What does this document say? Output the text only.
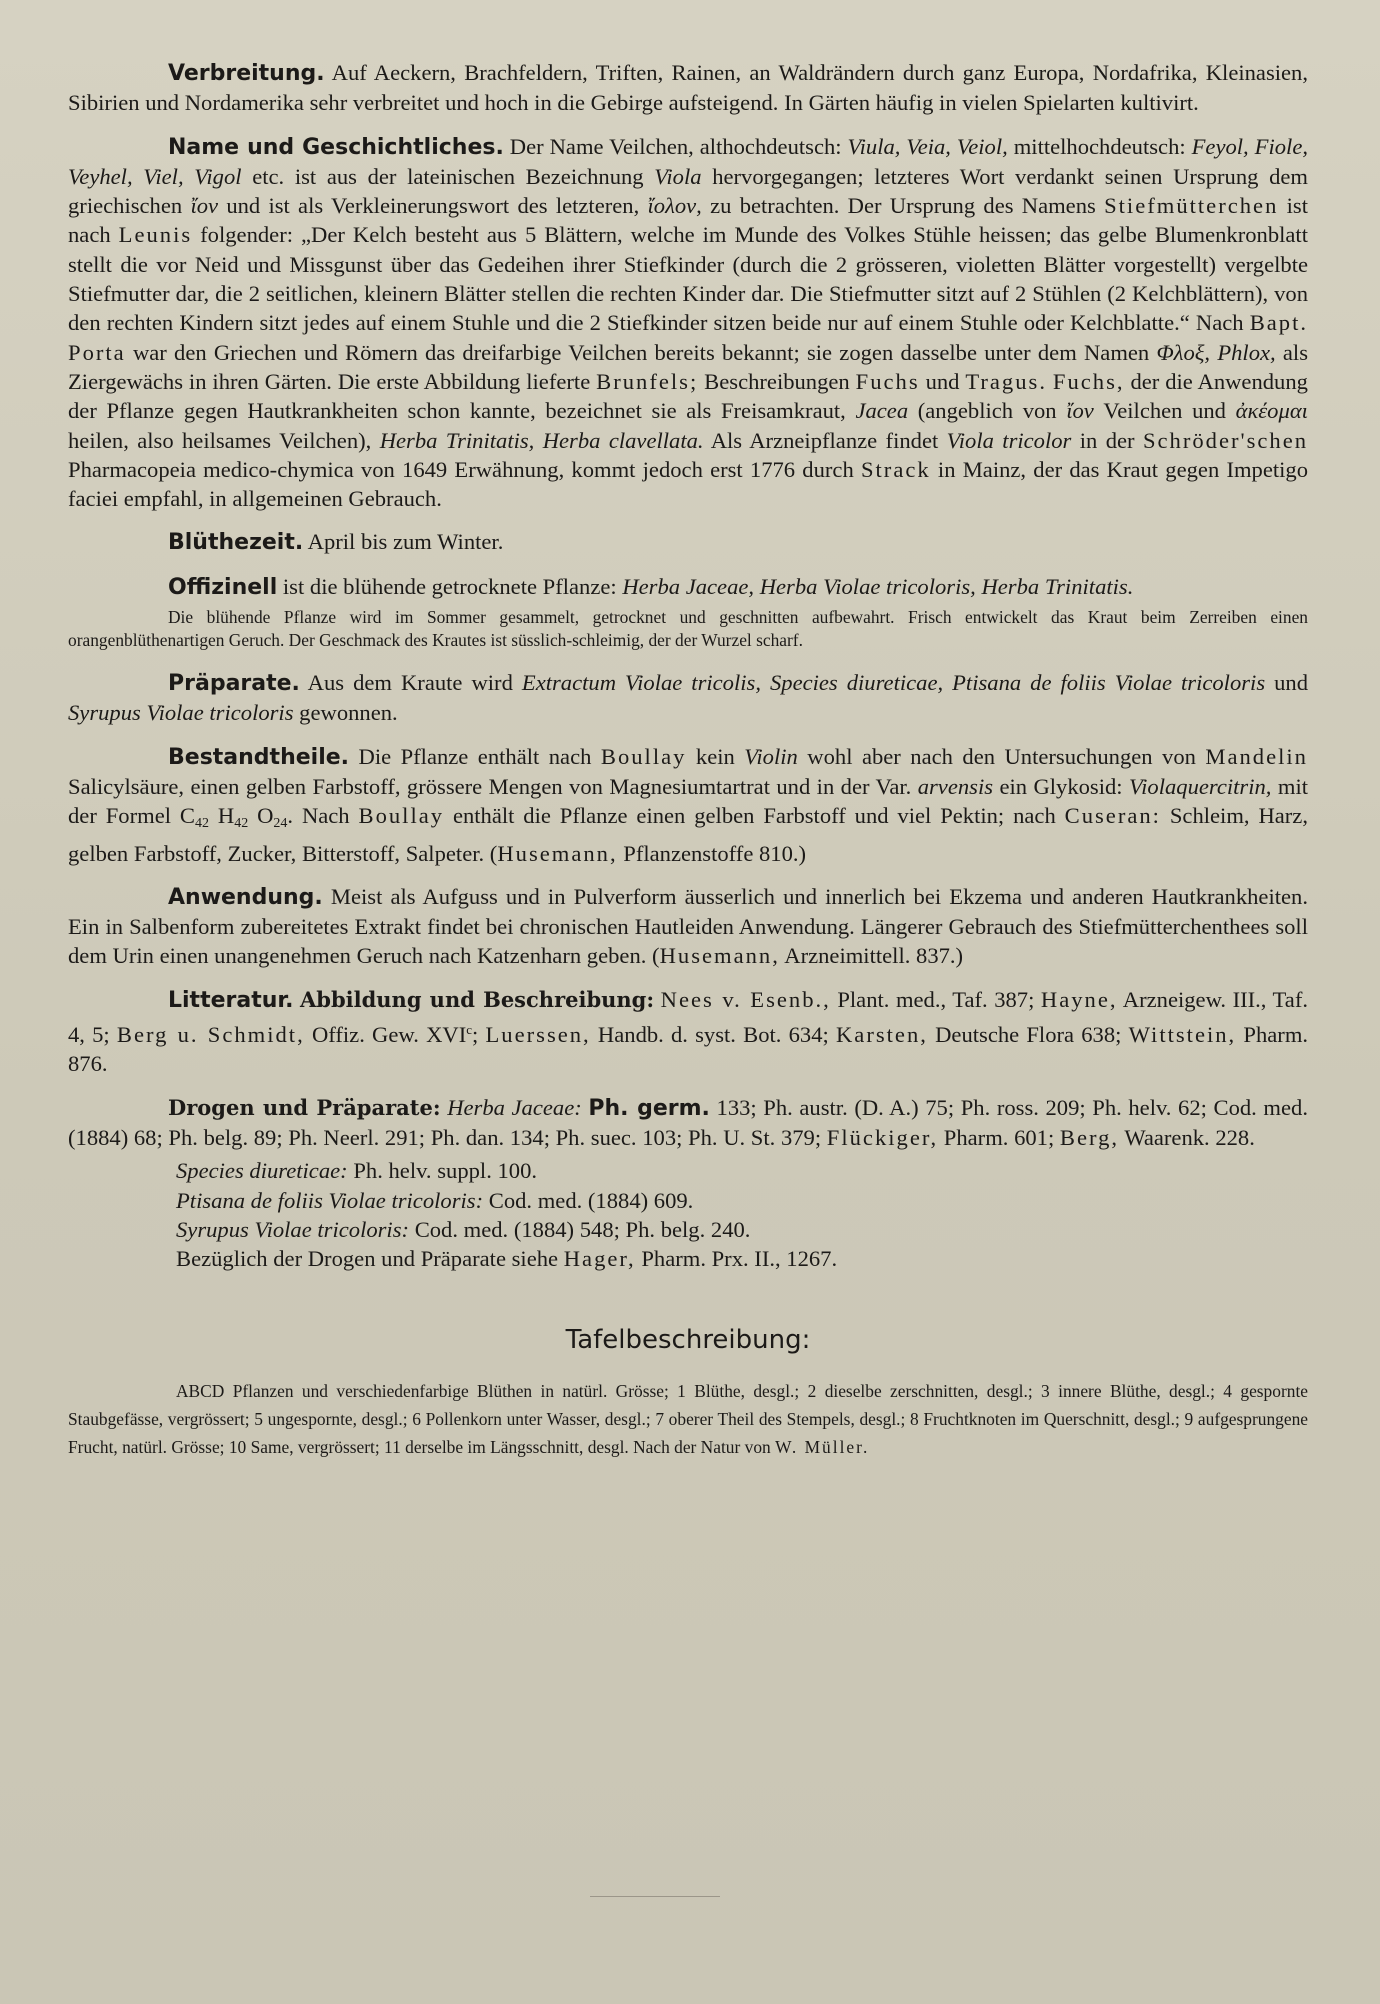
Verbreitung. Auf Aeckern, Brachfeldern, Triften, Rainen, an Waldrändern durch ganz Europa, Nordafrika, Kleinasien, Sibirien und Nordamerika sehr verbreitet und hoch in die Gebirge aufsteigend. In Gärten häufig in vielen Spielarten kultivirt.

Name und Geschichtliches. Der Name Veilchen, althochdeutsch: Viula, Veia, Veiol, mittelhochdeutsch: Feyol, Fiole, Veyhel, Viel, Vigol etc. ist aus der lateinischen Bezeichnung Viola hervorgegangen; letzteres Wort verdankt seinen Ursprung dem griechischen ἴον und ist als Verkleinerungswort des letzteren, ἴολον, zu betrachten. Der Ursprung des Namens Stiefmütterchen ist nach Leunis folgender: „Der Kelch besteht aus 5 Blättern, welche im Munde des Volkes Stühle heissen; das gelbe Blumenkronblatt stellt die vor Neid und Missgunst über das Gedeihen ihrer Stiefkinder (durch die 2 grösseren, violetten Blätter vorgestellt) vergelbte Stiefmutter dar, die 2 seitlichen, kleinern Blätter stellen die rechten Kinder dar. Die Stiefmutter sitzt auf 2 Stühlen (2 Kelchblättern), von den rechten Kindern sitzt jedes auf einem Stuhle und die 2 Stiefkinder sitzen beide nur auf einem Stuhle oder Kelchblatte.“ Nach Bapt. Porta war den Griechen und Römern das dreifarbige Veilchen bereits bekannt; sie zogen dasselbe unter dem Namen Φλοξ, Phlox, als Ziergewächs in ihren Gärten. Die erste Abbildung lieferte Brunfels; Beschreibungen Fuchs und Tragus. Fuchs, der die Anwendung der Pflanze gegen Hautkrankheiten schon kannte, bezeichnet sie als Freisamkraut, Jacea (angeblich von ἴον Veilchen und ἀκέομαι heilen, also heilsames Veilchen), Herba Trinitatis, Herba clavellata. Als Arzneipflanze findet Viola tricolor in der Schröder'schen Pharmacopeia medico-chymica von 1649 Erwähnung, kommt jedoch erst 1776 durch Strack in Mainz, der das Kraut gegen Impetigo faciei empfahl, in allgemeinen Gebrauch.

Blüthezeit. April bis zum Winter.

Offizinell ist die blühende getrocknete Pflanze: Herba Jaceae, Herba Violae tricoloris, Herba Trinitatis.

Die blühende Pflanze wird im Sommer gesammelt, getrocknet und geschnitten aufbewahrt. Frisch entwickelt das Kraut beim Zerreiben einen orangenblüthenartigen Geruch. Der Geschmack des Krautes ist süsslich-schleimig, der der Wurzel scharf.

Präparate. Aus dem Kraute wird Extractum Violae tricolis, Species diureticae, Ptisana de foliis Violae tricoloris und Syrupus Violae tricoloris gewonnen.

Bestandtheile. Die Pflanze enthält nach Boullay kein Violin wohl aber nach den Untersuchungen von Mandelin Salicylsäure, einen gelben Farbstoff, grössere Mengen von Magnesiumtartrat und in der Var. arvensis ein Glykosid: Violaquercitrin, mit der Formel $C_{42}$ $H_{42}$ $O_{24}$. Nach Boullay enthält die Pflanze einen gelben Farbstoff und viel Pektin; nach Cuseran: Schleim, Harz, gelben Farbstoff, Zucker, Bitterstoff, Salpeter. (Husemann, Pflanzenstoffe 810.)

Anwendung. Meist als Aufguss und in Pulverform äusserlich und innerlich bei Ekzema und anderen Hautkrankheiten. Ein in Salbenform zubereitetes Extrakt findet bei chronischen Hautleiden Anwendung. Längerer Gebrauch des Stiefmütterchenthees soll dem Urin einen unangenehmen Geruch nach Katzenharn geben. (Husemann, Arzneimittell. 837.)

Litteratur. Abbildung und Beschreibung: Nees v. Esenb., Plant. med., Taf. 387; Hayne, Arzneigew. III., Taf. 4, 5; Berg u. Schmidt, Offiz. Gew. XVI$^c$; Luerssen, Handb. d. syst. Bot. 634; Karsten, Deutsche Flora 638; Wittstein, Pharm. 876.

Drogen und Präparate: Herba Jaceae: Ph. germ. 133; Ph. austr. (D. A.) 75; Ph. ross. 209; Ph. helv. 62; Cod. med. (1884) 68; Ph. belg. 89; Ph. Neerl. 291; Ph. dan. 134; Ph. suec. 103; Ph. U. St. 379; Flückiger, Pharm. 601; Berg, Waarenk. 228.

Species diureticae: Ph. helv. suppl. 100.
Ptisana de foliis Violae tricoloris: Cod. med. (1884) 609.
Syrupus Violae tricoloris: Cod. med. (1884) 548; Ph. belg. 240.
Bezüglich der Drogen und Präparate siehe Hager, Pharm. Prx. II., 1267.
Tafelbeschreibung:

ABCD Pflanzen und verschiedenfarbige Blüthen in natürl. Grösse; 1 Blüthe, desgl.; 2 dieselbe zerschnitten, desgl.; 3 innere Blüthe, desgl.; 4 gespornte Staubgefässe, vergrössert; 5 ungespornte, desgl.; 6 Pollenkorn unter Wasser, desgl.; 7 oberer Theil des Stempels, desgl.; 8 Fruchtknoten im Querschnitt, desgl.; 9 aufgesprungene Frucht, natürl. Grösse; 10 Same, vergrössert; 11 derselbe im Längsschnitt, desgl. Nach der Natur von W. Müller.
